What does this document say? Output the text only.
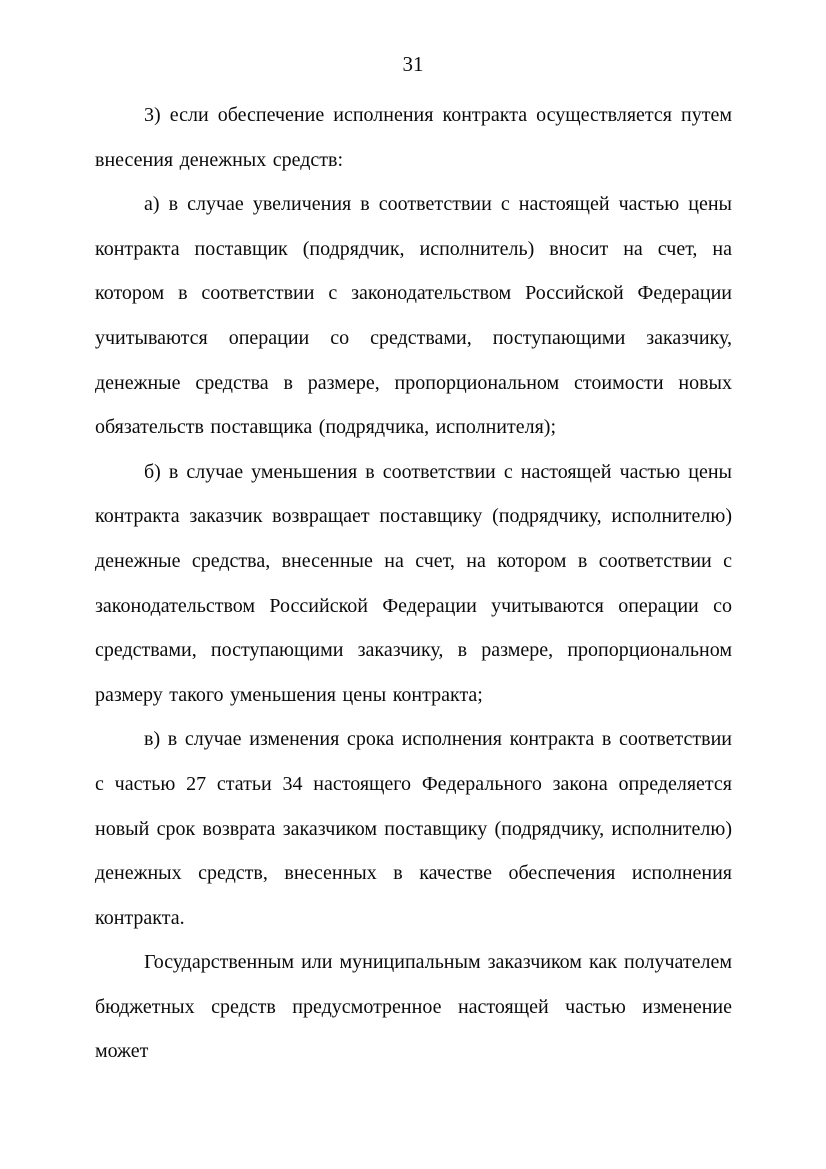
31

3) если обеспечение исполнения контракта осуществляется путем внесения денежных средств:

а) в случае увеличения в соответствии с настоящей частью цены контракта поставщик (подрядчик, исполнитель) вносит на счет, на котором в соответствии с законодательством Российской Федерации учитываются операции со средствами, поступающими заказчику, денежные средства в размере, пропорциональном стоимости новых обязательств поставщика (подрядчика, исполнителя);

б) в случае уменьшения в соответствии с настоящей частью цены контракта заказчик возвращает поставщику (подрядчику, исполнителю) денежные средства, внесенные на счет, на котором в соответствии с законодательством Российской Федерации учитываются операции со средствами, поступающими заказчику, в размере, пропорциональном размеру такого уменьшения цены контракта;

в) в случае изменения срока исполнения контракта в соответствии с частью 27 статьи 34 настоящего Федерального закона определяется новый срок возврата заказчиком поставщику (подрядчику, исполнителю) денежных средств, внесенных в качестве обеспечения исполнения контракта.

Государственным или муниципальным заказчиком как получателем бюджетных средств предусмотренное настоящей частью изменение может
